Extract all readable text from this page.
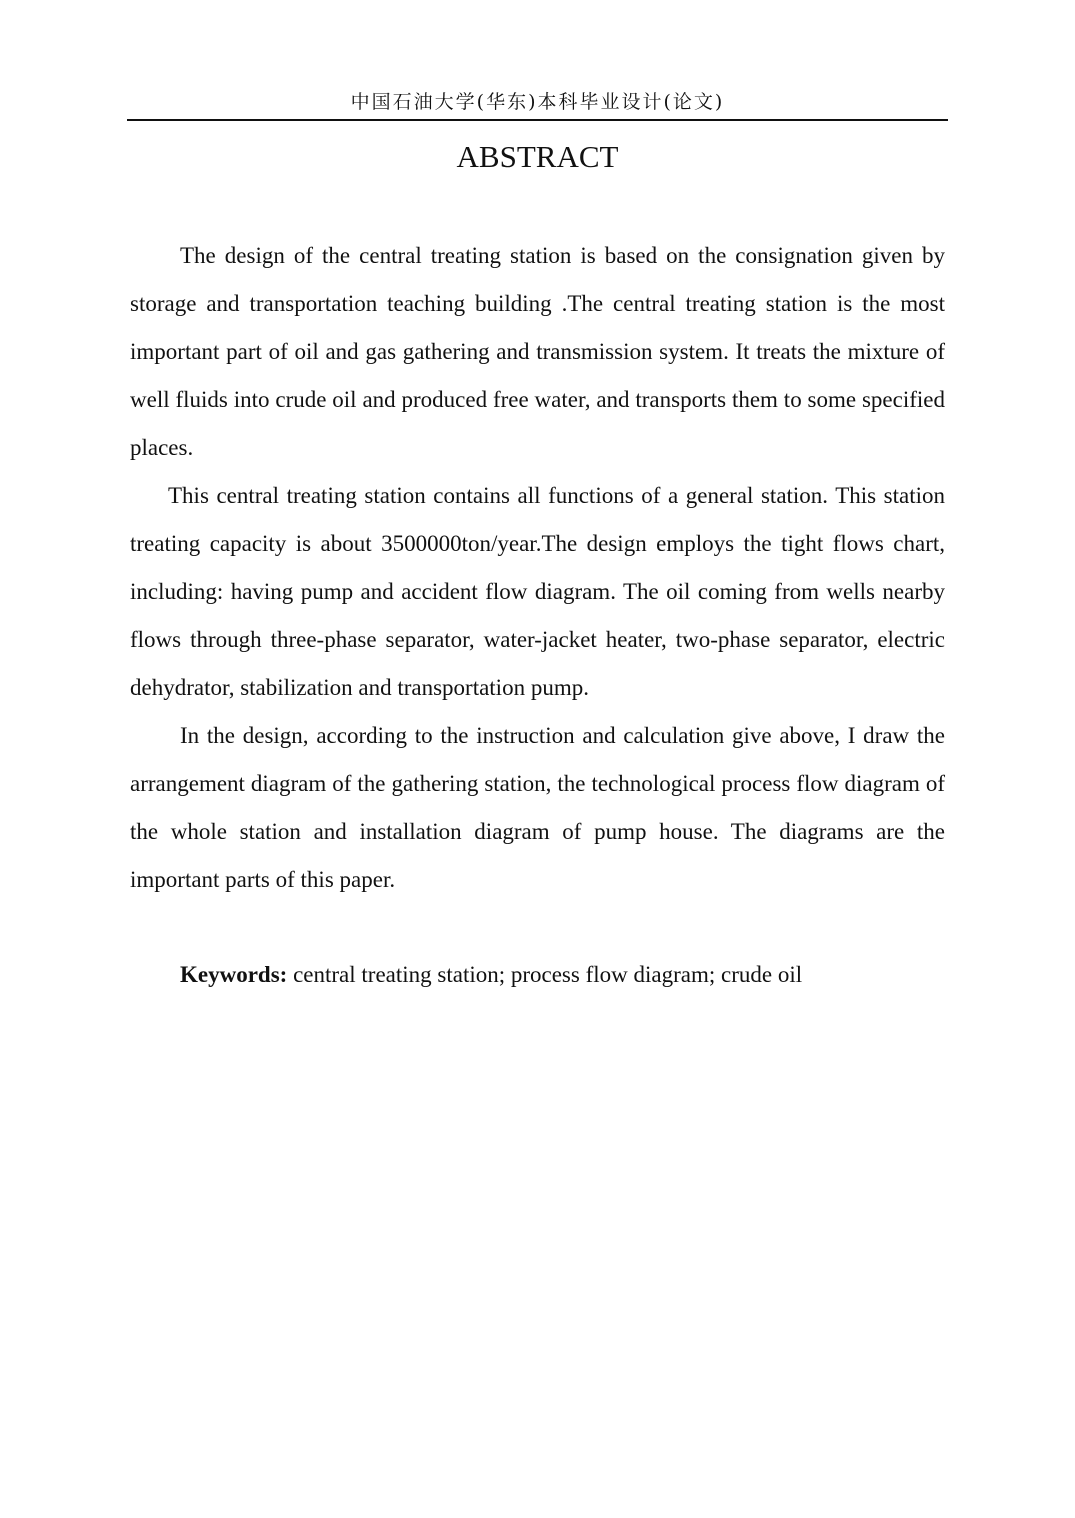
中国石油大学(华东)本科毕业设计(论文)
ABSTRACT

The design of the central treating station is based on the consignation given by storage and transportation teaching building .The central treating station is the most important part of oil and gas gathering and transmission system. It treats the mixture of well fluids into crude oil and produced free water, and transports them to some specified places.

This central treating station contains all functions of a general station. This station treating capacity is about 3500000ton/year.The design employs the tight flows chart, including: having pump and accident flow diagram. The oil coming from wells nearby flows through three-phase separator, water-jacket heater, two-phase separator, electric dehydrator, stabilization and transportation pump.

In the design, according to the instruction and calculation give above, I draw the arrangement diagram of the gathering station, the technological process flow diagram of the whole station and installation diagram of pump house. The diagrams are the important parts of this paper.

Keywords: central treating station; process flow diagram; crude oil
